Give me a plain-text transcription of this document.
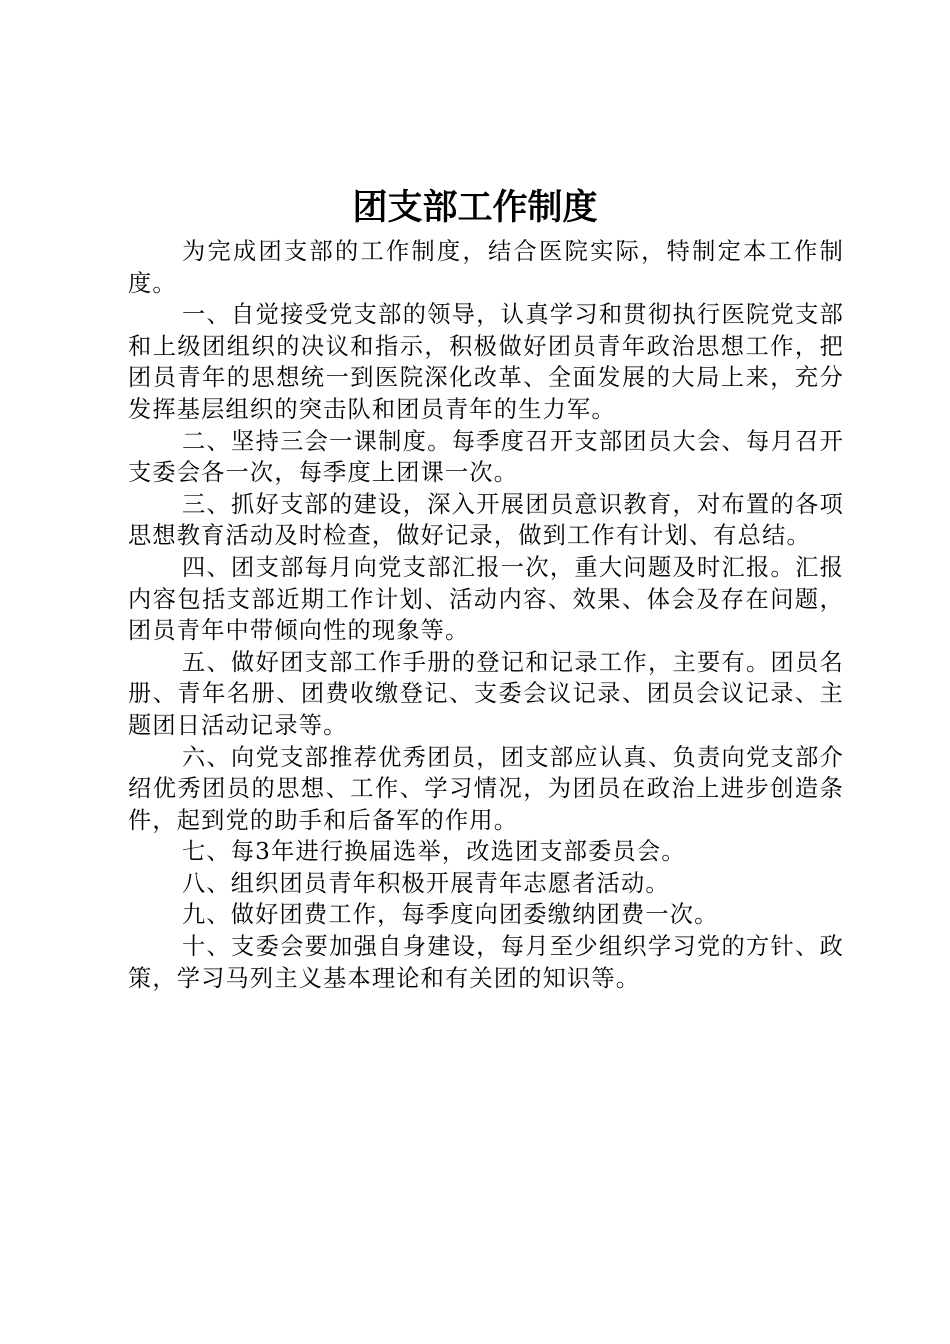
团支部工作制度

为完成团支部的工作制度，结合医院实际，特制定本工作制度。

一、自觉接受党支部的领导，认真学习和贯彻执行医院党支部和上级团组织的决议和指示，积极做好团员青年政治思想工作，把团员青年的思想统一到医院深化改革、全面发展的大局上来，充分发挥基层组织的突击队和团员青年的生力军。

二、坚持三会一课制度。每季度召开支部团员大会、每月召开支委会各一次，每季度上团课一次。

三、抓好支部的建设，深入开展团员意识教育，对布置的各项思想教育活动及时检查，做好记录，做到工作有计划、有总结。

四、团支部每月向党支部汇报一次，重大问题及时汇报。汇报内容包括支部近期工作计划、活动内容、效果、体会及存在问题，团员青年中带倾向性的现象等。

五、做好团支部工作手册的登记和记录工作，主要有。团员名册、青年名册、团费收缴登记、支委会议记录、团员会议记录、主题团日活动记录等。

六、向党支部推荐优秀团员，团支部应认真、负责向党支部介绍优秀团员的思想、工作、学习情况，为团员在政治上进步创造条件，起到党的助手和后备军的作用。

七、每3年进行换届选举，改选团支部委员会。

八、组织团员青年积极开展青年志愿者活动。

九、做好团费工作，每季度向团委缴纳团费一次。

十、支委会要加强自身建设，每月至少组织学习党的方针、政策，学习马列主义基本理论和有关团的知识等。
